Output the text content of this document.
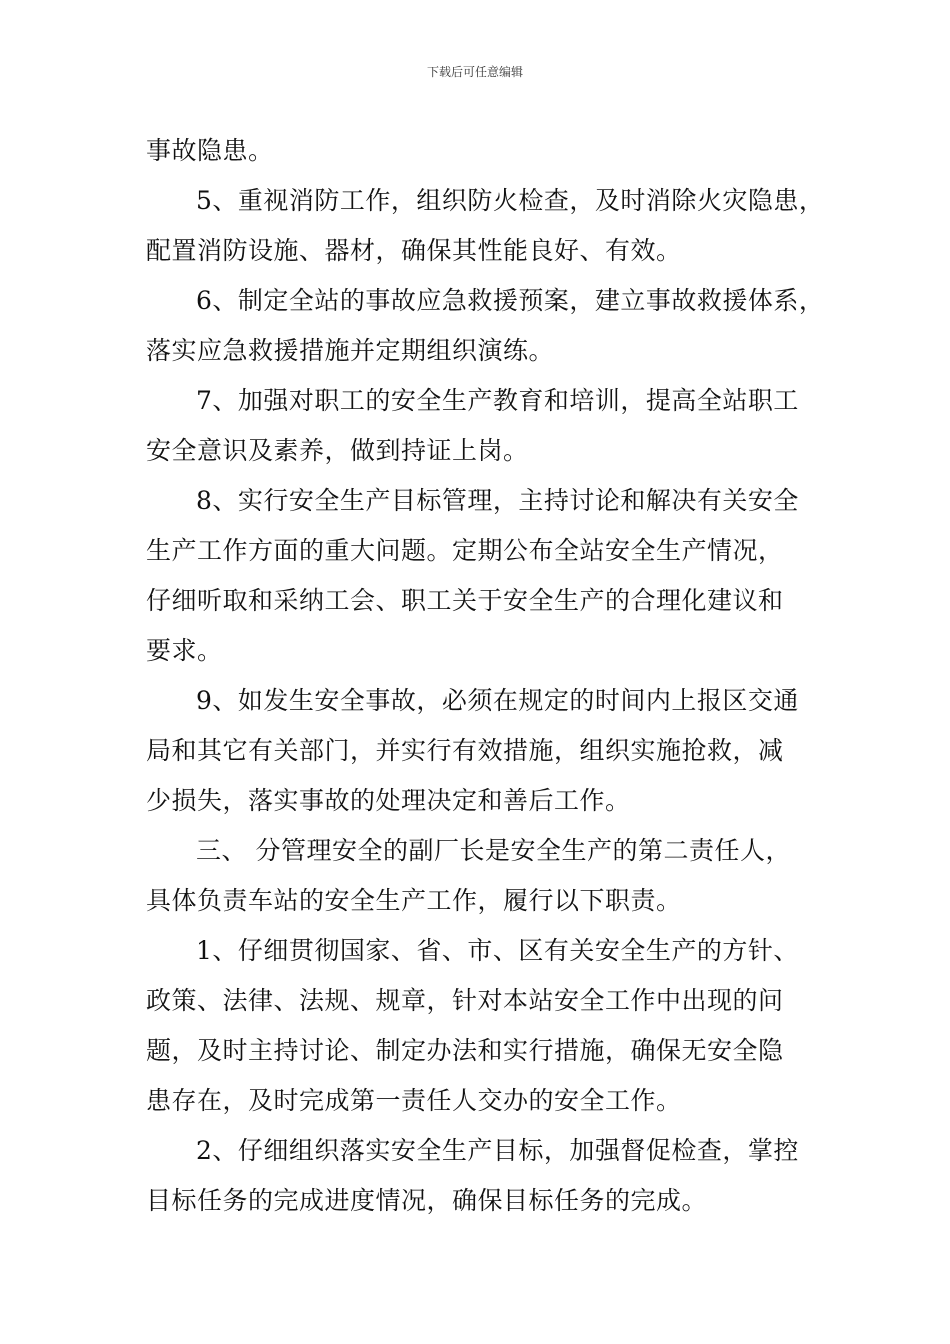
下载后可任意编辑
事故隐患。
5、重视消防工作，组织防火检查，及时消除火灾隐患，
配置消防设施、器材，确保其性能良好、有效。
6、制定全站的事故应急救援预案，建立事故救援体系，
落实应急救援措施并定期组织演练。
7、加强对职工的安全生产教育和培训，提高全站职工
安全意识及素养，做到持证上岗。
8、实行安全生产目标管理，主持讨论和解决有关安全
生产工作方面的重大问题。定期公布全站安全生产情况，
仔细听取和采纳工会、职工关于安全生产的合理化建议和
要求。
9、如发生安全事故，必须在规定的时间内上报区交通
局和其它有关部门，并实行有效措施，组织实施抢救，减
少损失，落实事故的处理决定和善后工作。
三、 分管理安全的副厂长是安全生产的第二责任人，
具体负责车站的安全生产工作，履行以下职责。
1、仔细贯彻国家、省、市、区有关安全生产的方针、
政策、法律、法规、规章，针对本站安全工作中出现的问
题，及时主持讨论、制定办法和实行措施，确保无安全隐
患存在，及时完成第一责任人交办的安全工作。
2、仔细组织落实安全生产目标，加强督促检查，掌控
目标任务的完成进度情况，确保目标任务的完成。
